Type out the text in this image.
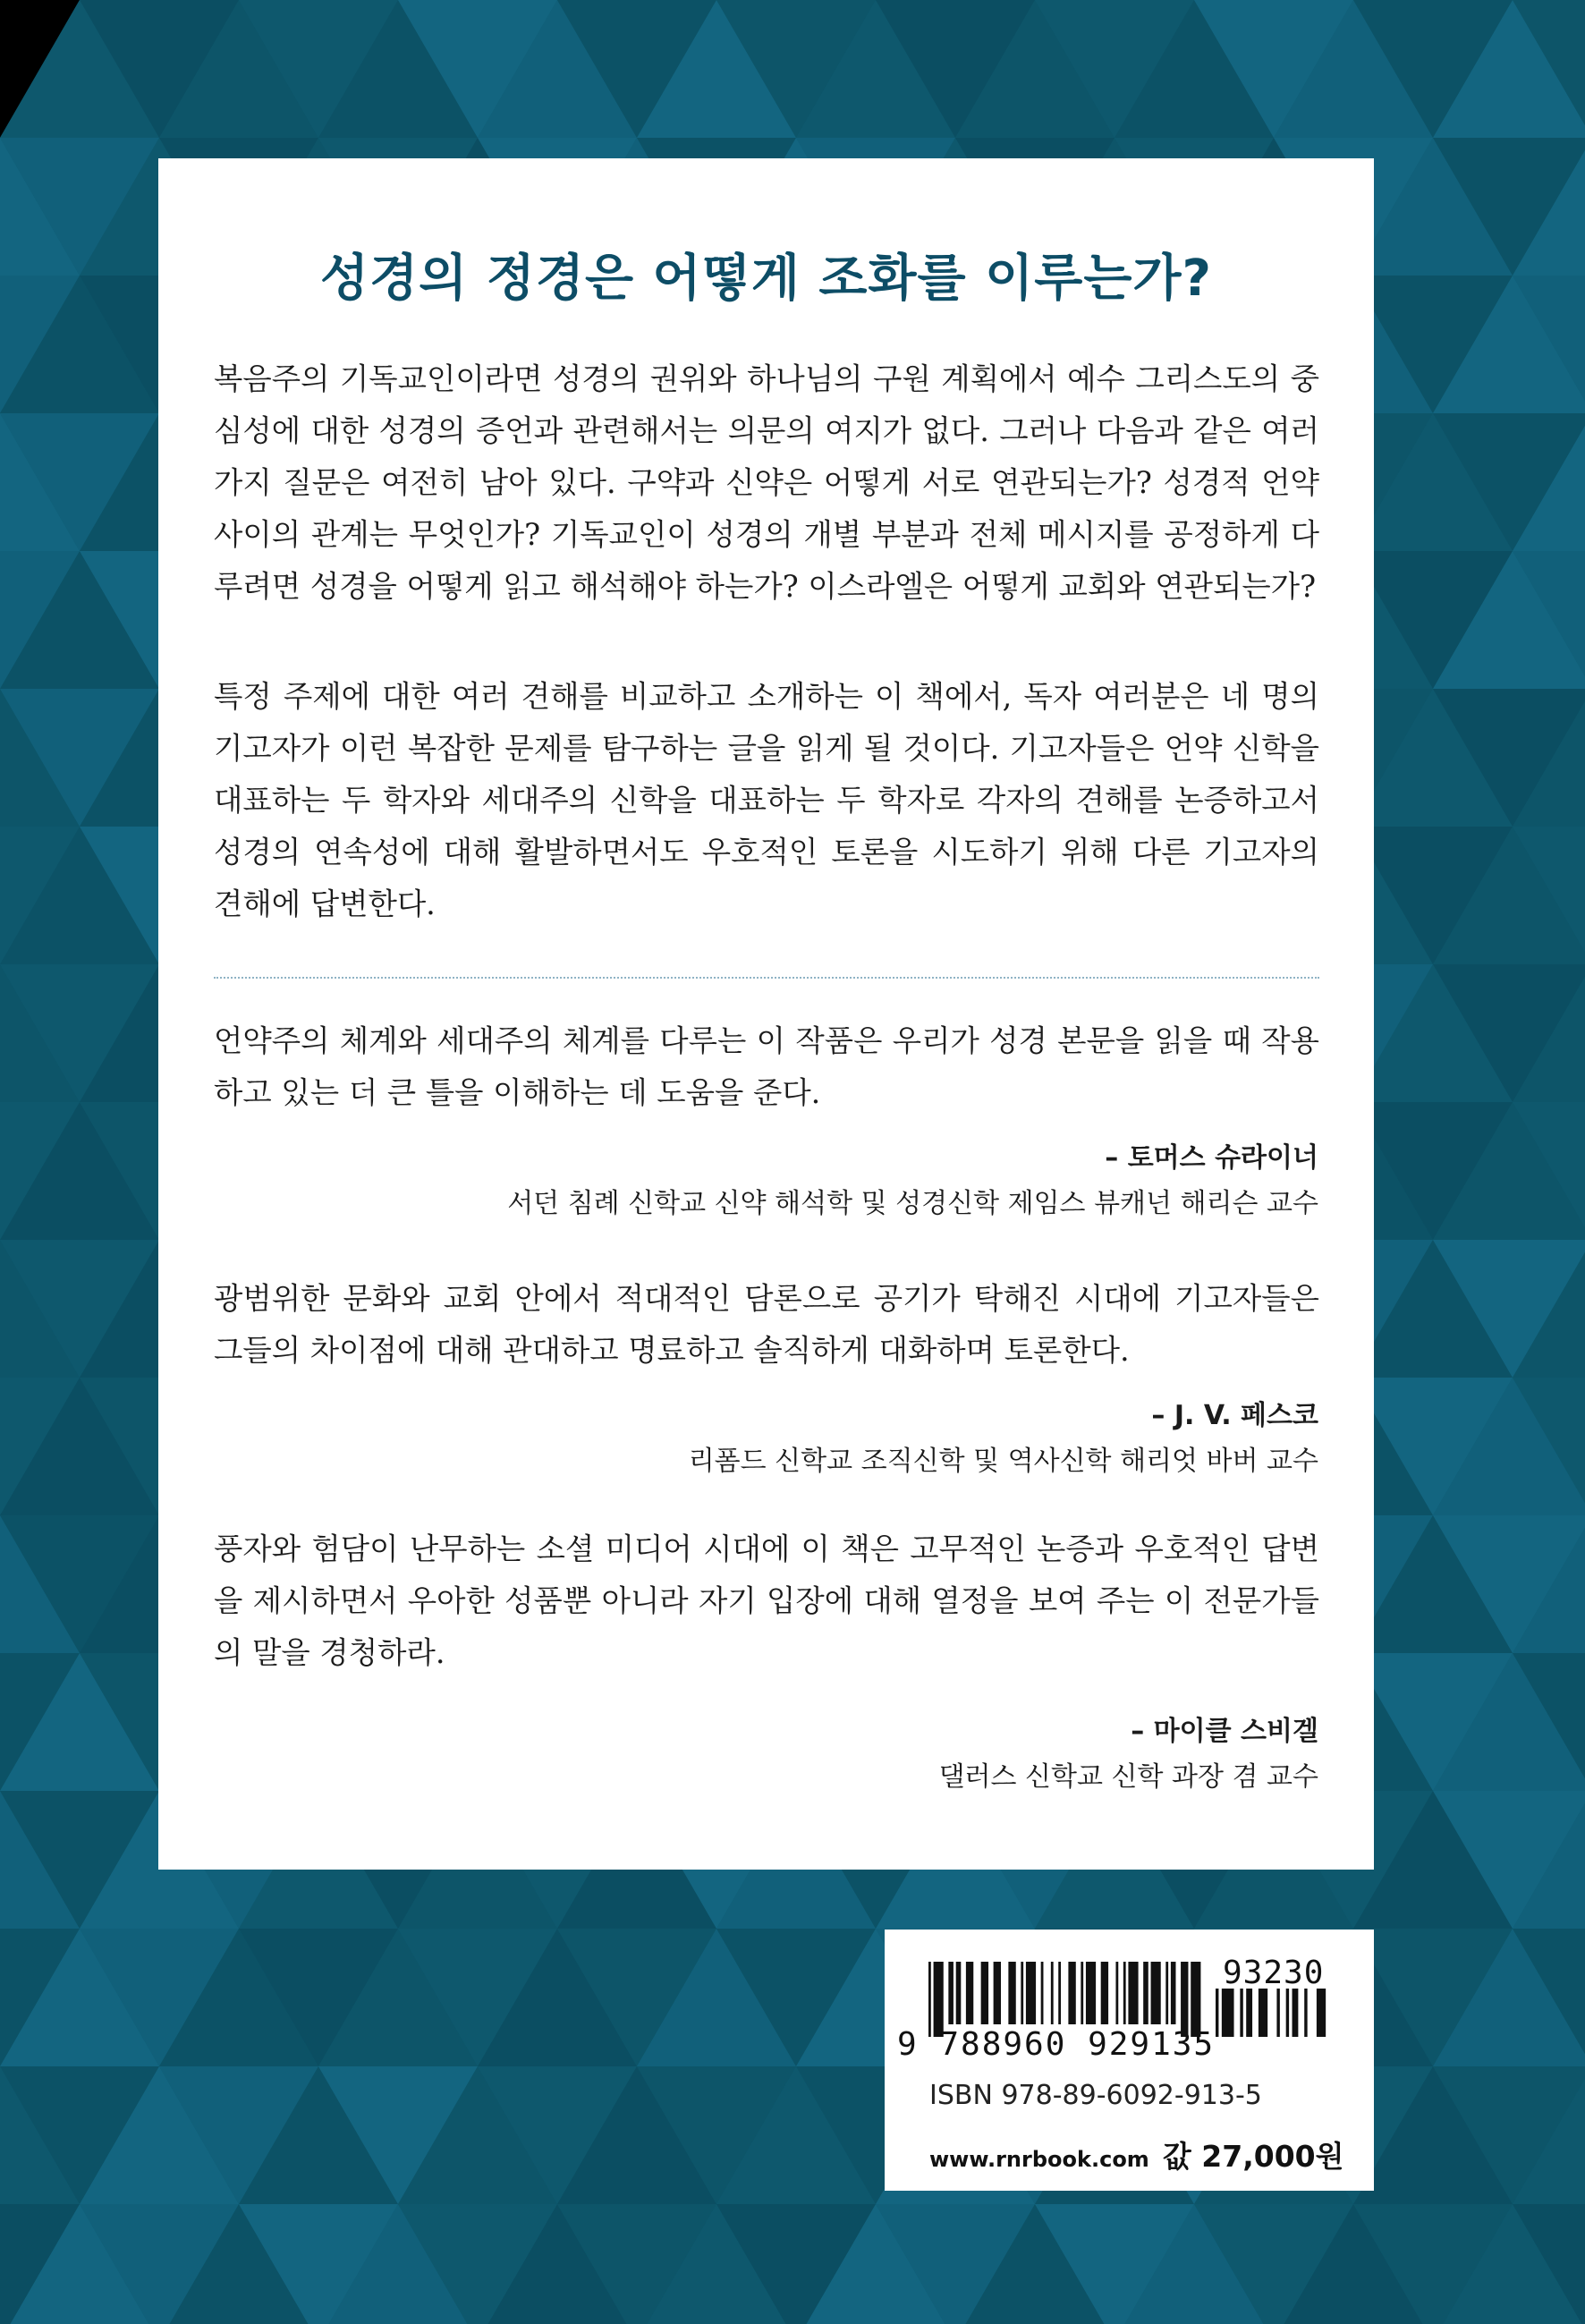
성경의 정경은 어떻게 조화를 이루는가?

복음주의 기독교인이라면 성경의 권위와 하나님의 구원 계획에서 예수 그리스도의 중심성에 대한 성경의 증언과 관련해서는 의문의 여지가 없다. 그러나 다음과 같은 여러 가지 질문은 여전히 남아 있다. 구약과 신약은 어떻게 서로 연관되는가? 성경적 언약 사이의 관계는 무엇인가? 기독교인이 성경의 개별 부분과 전체 메시지를 공정하게 다루려면 성경을 어떻게 읽고 해석해야 하는가? 이스라엘은 어떻게 교회와 연관되는가?

특정 주제에 대한 여러 견해를 비교하고 소개하는 이 책에서, 독자 여러분은 네 명의 기고자가 이런 복잡한 문제를 탐구하는 글을 읽게 될 것이다. 기고자들은 언약 신학을 대표하는 두 학자와 세대주의 신학을 대표하는 두 학자로 각자의 견해를 논증하고서 성경의 연속성에 대해 활발하면서도 우호적인 토론을 시도하기 위해 다른 기고자의 견해에 답변한다.

언약주의 체계와 세대주의 체계를 다루는 이 작품은 우리가 성경 본문을 읽을 때 작용하고 있는 더 큰 틀을 이해하는 데 도움을 준다.

– 토머스 슈라이너

서던 침례 신학교 신약 해석학 및 성경신학 제임스 뷰캐넌 해리슨 교수

광범위한 문화와 교회 안에서 적대적인 담론으로 공기가 탁해진 시대에 기고자들은 그들의 차이점에 대해 관대하고 명료하고 솔직하게 대화하며 토론한다.

– J. V. 페스코

리폼드 신학교 조직신학 및 역사신학 해리엇 바버 교수

풍자와 험담이 난무하는 소셜 미디어 시대에 이 책은 고무적인 논증과 우호적인 답변을 제시하면서 우아한 성품뿐 아니라 자기 입장에 대해 열정을 보여 주는 이 전문가들의 말을 경청하라.

– 마이클 스비겔

댈러스 신학교 신학 과장 겸 교수

93230
9 788960 929135
ISBN 978-89-6092-913-5
www.rnrbook.com 값 27,000원
